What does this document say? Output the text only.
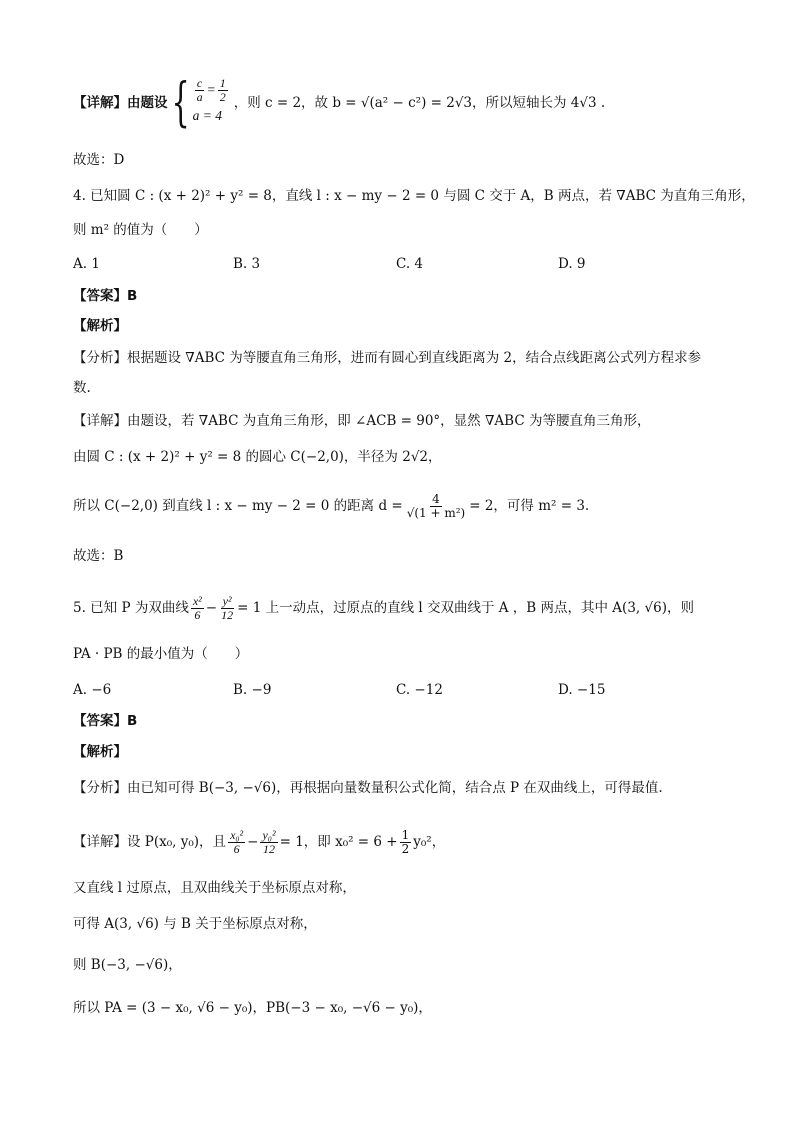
【详解】由题设 { $\frac{c}{a} = \frac{1}{2}$
a = 4
，则 c = 2，故 b = √(a² − c²) = 2√3，所以短轴长为 4√3 .
故选：D
4. 已知圆 C : (x + 2)² + y² = 8，直线 l : x − my − 2 = 0 与圆 C 交于 A，B 两点，若 ∇ABC 为直角三角形，
则 m² 的值为（　　）
A. 1	B. 3	C. 4	D. 9
【答案】B
【解析】
【分析】根据题设 ∇ABC 为等腰直角三角形，进而有圆心到直线距离为 2，结合点线距离公式列方程求参
数.
【详解】由题设，若 ∇ABC 为直角三角形，即 ∠ACB = 90°，显然 ∇ABC 为等腰直角三角形，
由圆 C : (x + 2)² + y² = 8 的圆心 C(−2,0)，半径为 2√2，
所以 C(−2,0) 到直线 l : x − my − 2 = 0 的距离 $d = \frac{4}{\text{√(1 + m²)}} = 2$，可得 m² = 3.
故选：B
5. 已知 P 为双曲线 $\frac{\text{x²}}{6} - \frac{\text{y²}}{12} = 1$ 上一动点，过原点的直线 l 交双曲线于 A ，B 两点，其中 A(3, √6)，则
PA · PB 的最小值为（　　）
A. −6	B. −9	C. −12	D. −15
【答案】B
【解析】
【分析】由已知可得 B(−3, −√6)，再根据向量数量积公式化简，结合点 P 在双曲线上，可得最值.
【详解】设 P(x₀, y₀)，且 $\frac{\text{x₀²}}{6} - \frac{\text{y₀²}}{12} = 1$，即 $x_0^2 = 6 + \frac{1}{2} y_0^2$，
又直线 l 过原点，且双曲线关于坐标原点对称，
可得 A(3, √6) 与 B 关于坐标原点对称，
则 B(−3, −√6)，
所以 PA = (3 − x₀, √6 − y₀)，PB(−3 − x₀, −√6 − y₀)，
